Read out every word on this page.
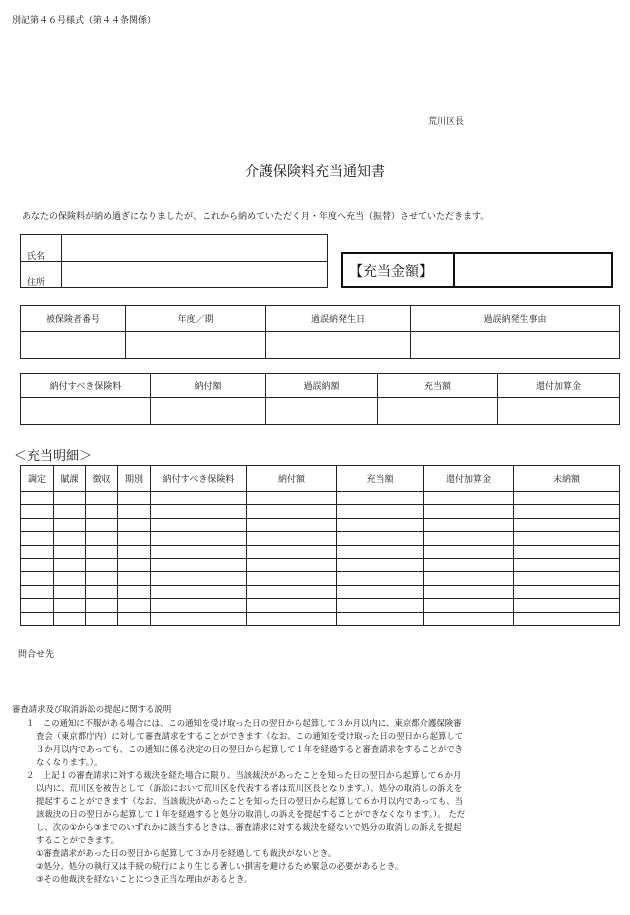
別記第４６号様式（第４４条関係）
荒川区長
介護保険料充当通知書
あなたの保険料が納め過ぎになりましたが、これから納めていただく月・年度へ充当（振替）させていただきます。
氏名
住所
【充当金額】
被保険者番号	年度／期	過誤納発生日	過誤納発生事由

納付すべき保険料	納付額	過誤納額	充当額	還付加算金

＜充当明細＞
調定	賦課	徴収	期別	納付すべき保険料	納付額	充当額	還付加算金	未納額

問合せ先
審査請求及び取消訴訟の提起に関する説明

１　この通知に不服がある場合には、この通知を受け取った日の翌日から起算して３か月以内に、東京都介護保険審

査会（東京都庁内）に対して審査請求をすることができます（なお、この通知を受け取った日の翌日から起算して

３か月以内であっても、この通知に係る決定の日の翌日から起算して１年を経過すると審査請求をすることができ

なくなります。）。

２　上記１の審査請求に対する裁決を経た場合に限り、当該裁決があったことを知った日の翌日から起算して６か月

以内に、荒川区を被告として（訴訟において荒川区を代表する者は荒川区長となります。）、処分の取消しの訴えを

提起することができます（なお、当該裁決があったことを知った日の翌日から起算して６か月以内であっても、当

該裁決の日の翌日から起算して１年を経過すると処分の取消しの訴えを提起することができなくなります。）。 ただ

し、次の①から③までのいずれかに該当するときは、審査請求に対する裁決を経ないで処分の取消しの訴えを提起

することができます。

①審査請求があった日の翌日から起算して３か月を経過しても裁決がないとき。

②処分、処分の執行又は手続の続行により生じる著しい損害を避けるため緊急の必要があるとき。

③その他裁決を経ないことにつき正当な理由があるとき。
